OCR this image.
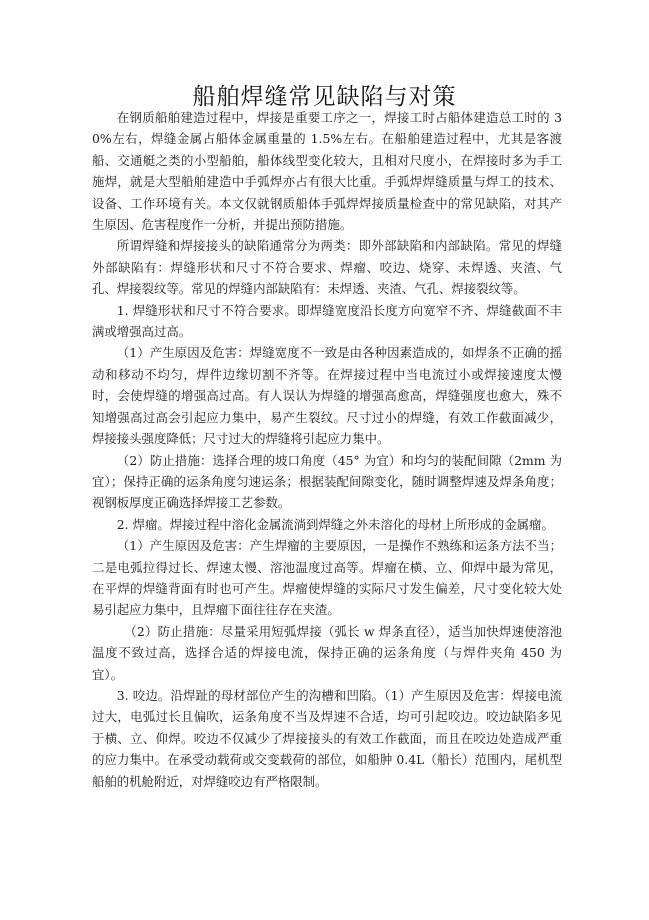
船舶焊缝常见缺陷与对策

在钢质船舶建造过程中，焊接是重要工序之一，焊接工时占船体建造总工时的 30%左右，焊缝金属占船体金属重量的 1.5%左右。在船舶建造过程中，尤其是客渡船、交通艇之类的小型船舶，船体线型变化较大，且相对尺度小，在焊接时多为手工施焊，就是大型船舶建造中手弧焊亦占有很大比重。手弧焊焊缝质量与焊工的技术、设备、工作环境有关。本文仅就钢质船体手弧焊焊接质量检查中的常见缺陷，对其产生原因、危害程度作一分析，并提出预防措施。

所谓焊缝和焊接接头的缺陷通常分为两类：即外部缺陷和内部缺陷。常见的焊缝外部缺陷有：焊缝形状和尺寸不符合要求、焊瘤、咬边、烧穿、未焊透、夹渣、气孔、焊接裂纹等。常见的焊缝内部缺陷有：未焊透、夹渣、气孔、焊接裂纹等。

1. 焊缝形状和尺寸不符合要求。即焊缝宽度沿长度方向宽窄不齐、焊缝截面不丰满或增强高过高。

（1）产生原因及危害：焊缝宽度不一致是由各种因素造成的，如焊条不正确的摇动和移动不均匀，焊件边缘切割不齐等。在焊接过程中当电流过小或焊接速度太慢时，会使焊缝的增强高过高。有人误认为焊缝的增强高愈高，焊缝强度也愈大，殊不知增强高过高会引起应力集中，易产生裂纹。尺寸过小的焊缝，有效工作截面减少，焊接接头强度降低；尺寸过大的焊缝将引起应力集中。

（2）防止措施：选择合理的坡口角度（45° 为宜）和均匀的装配间隙（2mm 为宜）；保持正确的运条角度匀速运条；根据装配间隙变化，随时调整焊速及焊条角度；视钢板厚度正确选择焊接工艺参数。

2. 焊瘤。焊接过程中溶化金属流淌到焊缝之外未溶化的母材上所形成的金属瘤。

（1）产生原因及危害：产生焊瘤的主要原因，一是操作不熟练和运条方法不当；二是电弧拉得过长、焊速太慢、溶池温度过高等。焊瘤在横、立、仰焊中最为常见，在平焊的焊缝背面有时也可产生。焊瘤使焊缝的实际尺寸发生偏差，尺寸变化较大处易引起应力集中，且焊瘤下面往往存在夹渣。

（2）防止措施：尽量采用短弧焊接（弧长 w 焊条直径），适当加快焊速使溶池温度不致过高，选择合适的焊接电流，保持正确的运条角度（与焊件夹角 450 为宜）。

3. 咬边。沿焊趾的母材部位产生的沟槽和凹陷。（1）产生原因及危害：焊接电流过大，电弧过长且偏吹，运条角度不当及焊速不合适，均可引起咬边。咬边缺陷多见于横、立、仰焊。咬边不仅减少了焊接接头的有效工作截面，而且在咬边处造成严重的应力集中。在承受动载荷或交变载荷的部位，如船肿 0.4L（船长）范围内，尾机型船舶的机舱附近，对焊缝咬边有严格限制。
